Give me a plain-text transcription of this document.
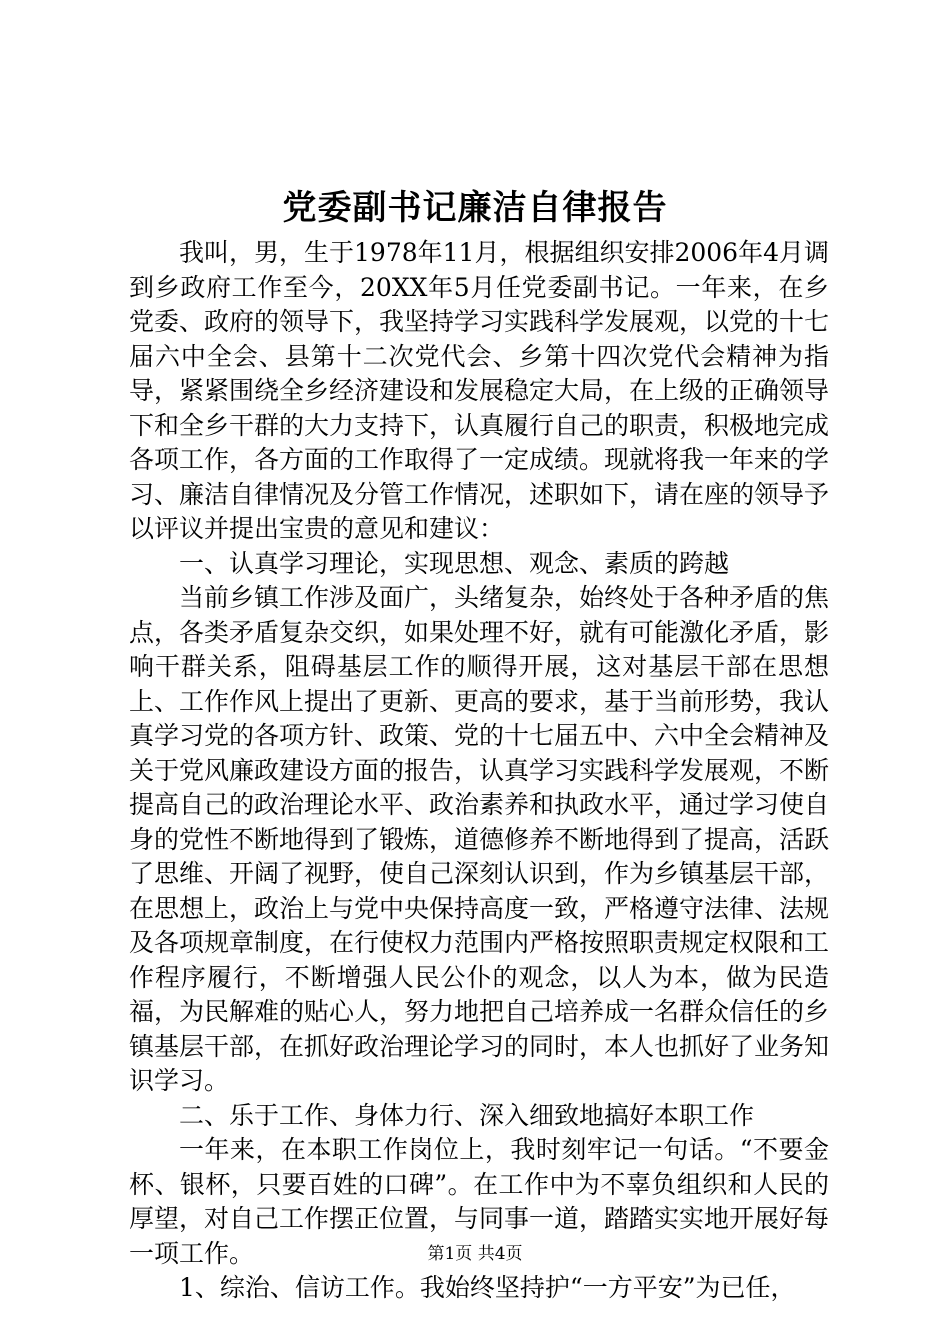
党委副书记廉洁自律报告

我叫，男，生于1978年11月，根据组织安排2006年4月调到乡政府工作至今，20XX年5月任党委副书记。一年来，在乡党委、政府的领导下，我坚持学习实践科学发展观，以党的十七届六中全会、县第十二次党代会、乡第十四次党代会精神为指导，紧紧围绕全乡经济建设和发展稳定大局，在上级的正确领导下和全乡干群的大力支持下，认真履行自己的职责，积极地完成各项工作，各方面的工作取得了一定成绩。现就将我一年来的学习、廉洁自律情况及分管工作情况，述职如下，请在座的领导予以评议并提出宝贵的意见和建议：

一、认真学习理论，实现思想、观念、素质的跨越

当前乡镇工作涉及面广，头绪复杂，始终处于各种矛盾的焦点，各类矛盾复杂交织，如果处理不好，就有可能激化矛盾，影响干群关系，阻碍基层工作的顺得开展，这对基层干部在思想上、工作作风上提出了更新、更高的要求，基于当前形势，我认真学习党的各项方针、政策、党的十七届五中、六中全会精神及关于党风廉政建设方面的报告，认真学习实践科学发展观，不断提高自己的政治理论水平、政治素养和执政水平，通过学习使自身的党性不断地得到了锻炼，道德修养不断地得到了提高，活跃了思维、开阔了视野，使自己深刻认识到，作为乡镇基层干部，在思想上，政治上与党中央保持高度一致，严格遵守法律、法规及各项规章制度，在行使权力范围内严格按照职责规定权限和工作程序履行，不断增强人民公仆的观念，以人为本，做为民造福，为民解难的贴心人，努力地把自己培养成一名群众信任的乡镇基层干部，在抓好政治理论学习的同时，本人也抓好了业务知识学习。

二、乐于工作、身体力行、深入细致地搞好本职工作

一年来，在本职工作岗位上，我时刻牢记一句话。“不要金杯、银杯，只要百姓的口碑”。在工作中为不辜负组织和人民的厚望，对自己工作摆正位置，与同事一道，踏踏实实地开展好每一项工作。

1、综治、信访工作。我始终坚持护“一方平安”为已任，

第1页 共4页
